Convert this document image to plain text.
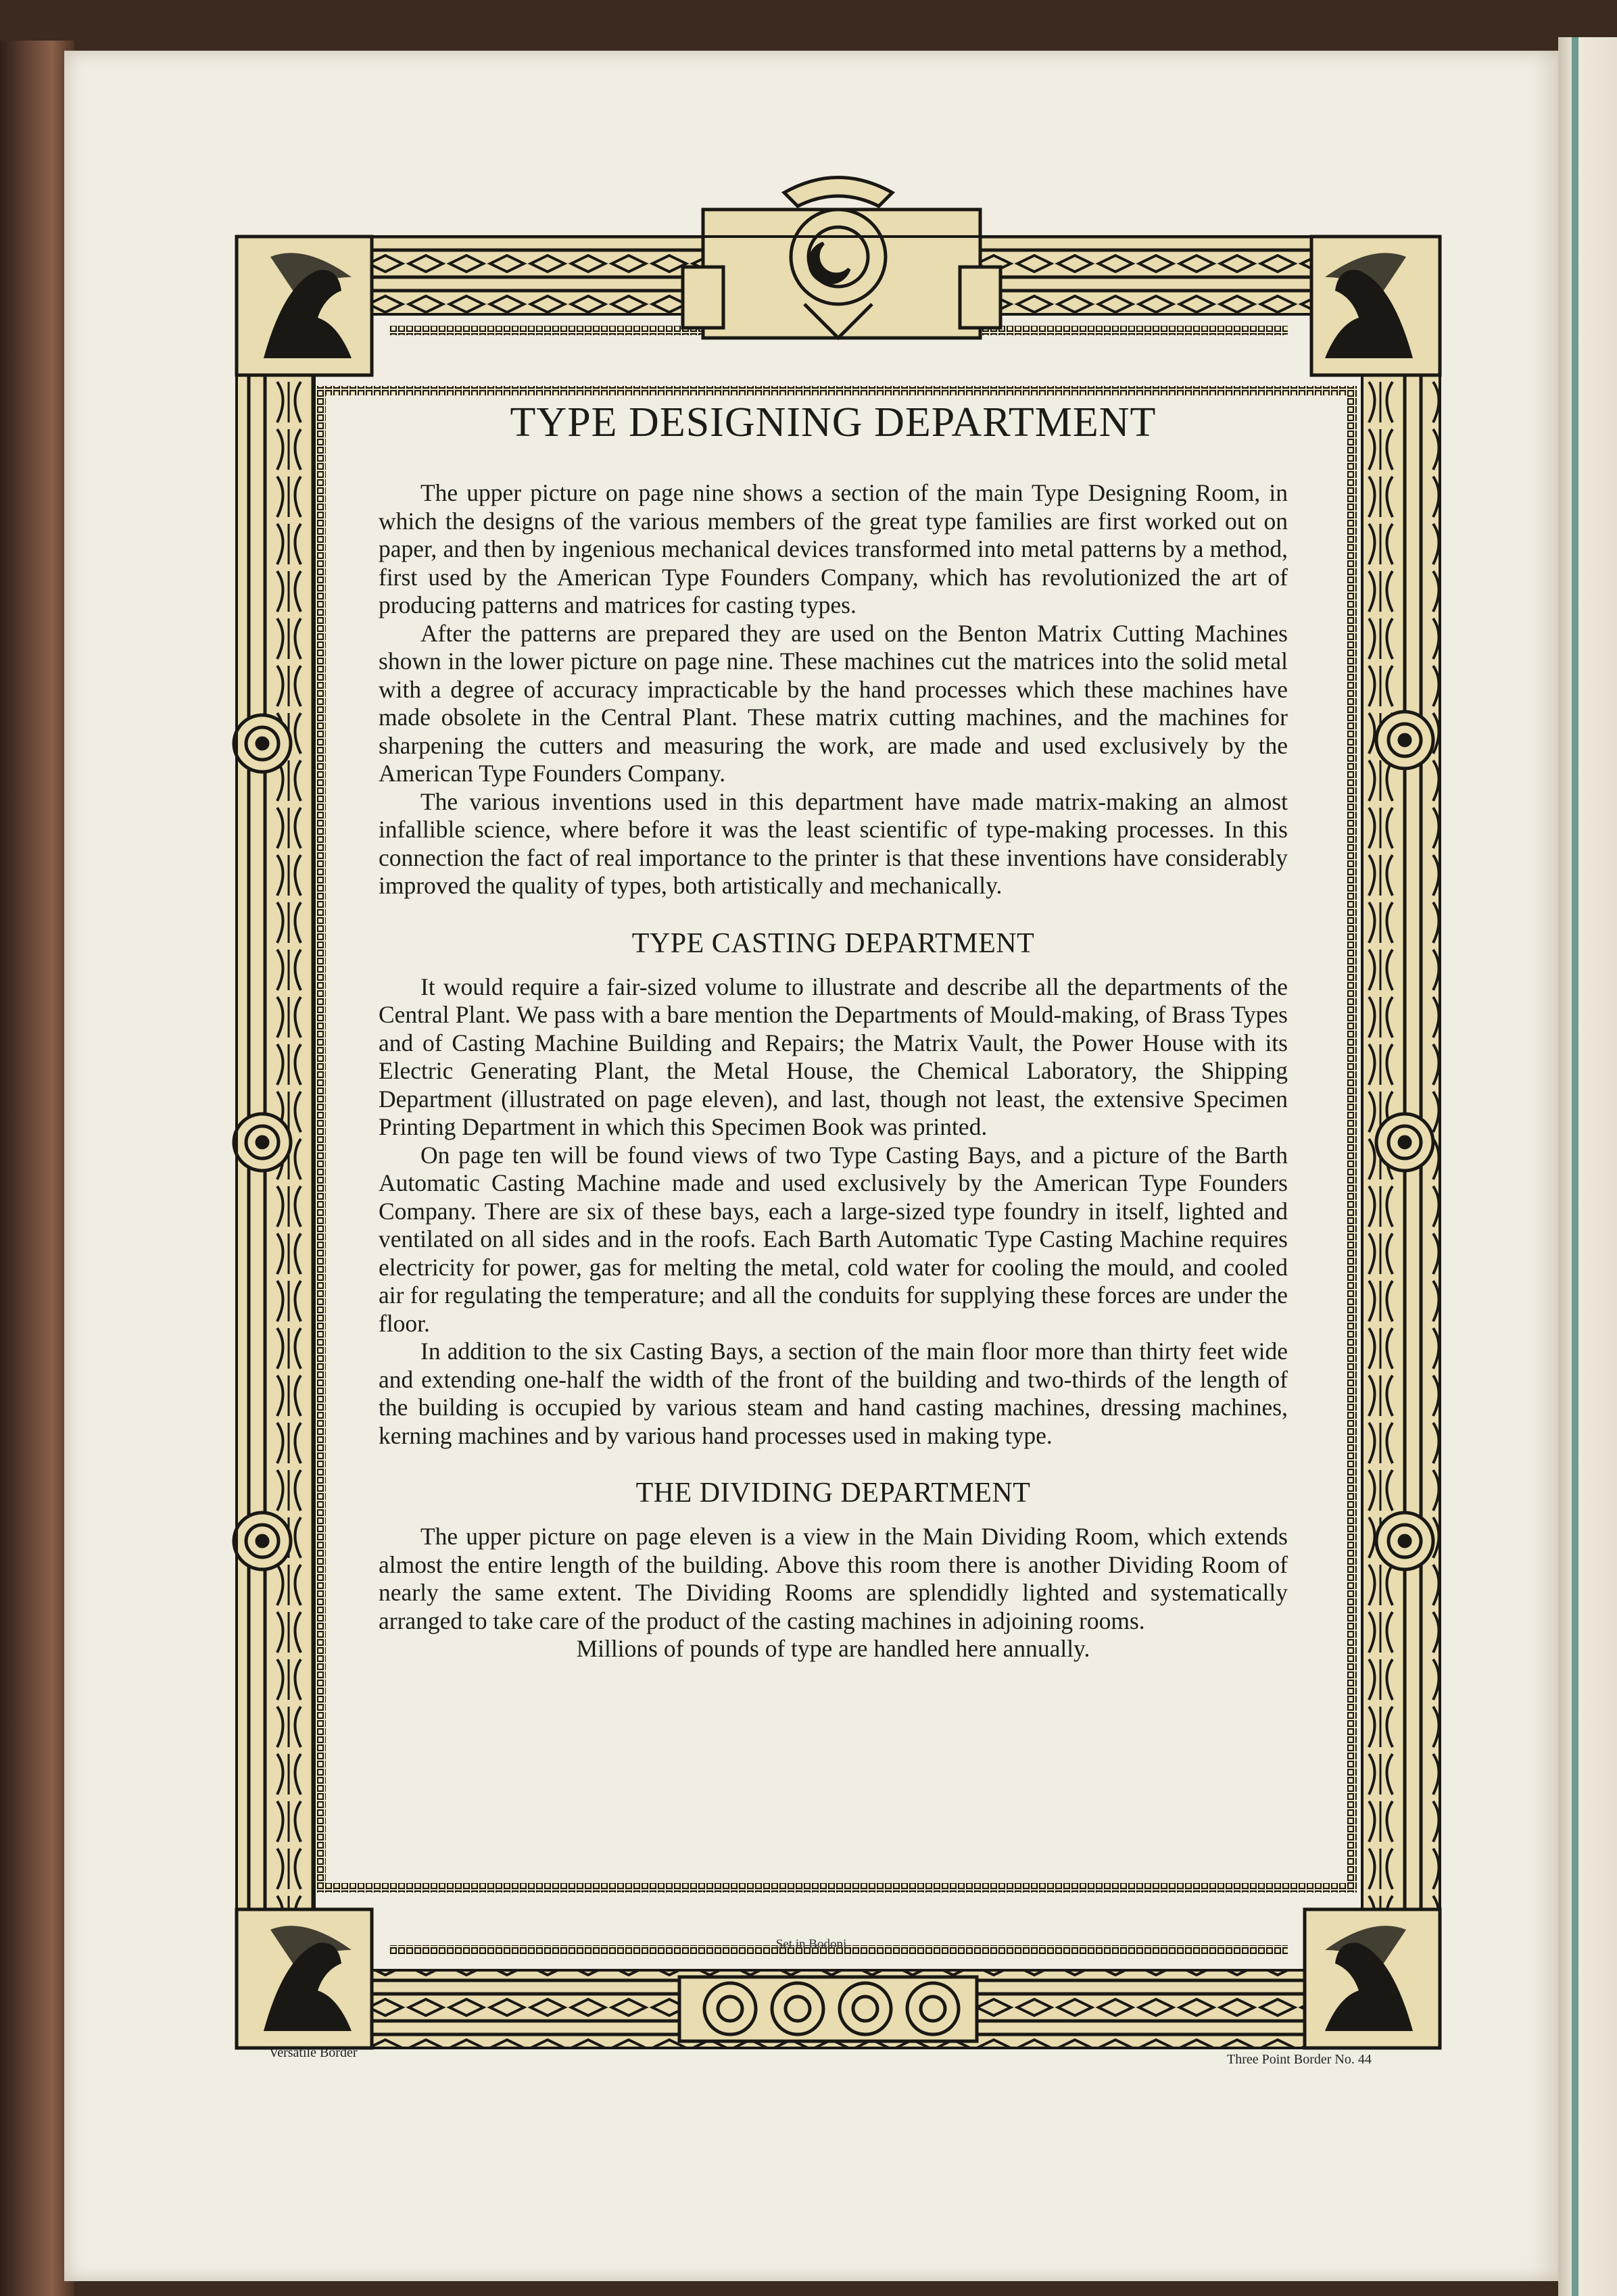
TYPE DESIGNING DEPARTMENT

The upper picture on page nine shows a section of the main Type Designing Room, in which the designs of the various members of the great type families are first worked out on paper, and then by ingenious mechanical devices transformed into metal patterns by a method, first used by the American Type Founders Company, which has revolutionized the art of producing patterns and matrices for casting types.

After the patterns are prepared they are used on the Benton Matrix Cutting Machines shown in the lower picture on page nine. These machines cut the matrices into the solid metal with a degree of accuracy impracticable by the hand processes which these machines have made obsolete in the Central Plant. These matrix cutting machines, and the machines for sharpening the cutters and measuring the work, are made and used exclusively by the American Type Founders Company.

The various inventions used in this department have made matrix-making an almost infallible science, where before it was the least scientific of type-making processes. In this connection the fact of real importance to the printer is that these inventions have considerably improved the quality of types, both artistically and mechanically.

TYPE CASTING DEPARTMENT

It would require a fair-sized volume to illustrate and describe all the departments of the Central Plant. We pass with a bare mention the Departments of Mould-making, of Brass Types and of Casting Machine Building and Repairs; the Matrix Vault, the Power House with its Electric Generating Plant, the Metal House, the Chemical Laboratory, the Shipping Department (illustrated on page eleven), and last, though not least, the extensive Specimen Printing Department in which this Specimen Book was printed.

On page ten will be found views of two Type Casting Bays, and a picture of the Barth Automatic Casting Machine made and used exclusively by the American Type Founders Company. There are six of these bays, each a large-sized type foundry in itself, lighted and ventilated on all sides and in the roofs. Each Barth Automatic Type Casting Machine requires electricity for power, gas for melting the metal, cold water for cooling the mould, and cooled air for regulating the temperature; and all the conduits for supplying these forces are under the floor.

In addition to the six Casting Bays, a section of the main floor more than thirty feet wide and extending one-half the width of the front of the building and two-thirds of the length of the building is occupied by various steam and hand casting machines, dressing machines, kerning machines and by various hand processes used in making type.

THE DIVIDING DEPARTMENT

The upper picture on page eleven is a view in the Main Dividing Room, which extends almost the entire length of the building. Above this room there is another Dividing Room of nearly the same extent. The Dividing Rooms are splendidly lighted and systematically arranged to take care of the product of the casting machines in adjoining rooms.

Millions of pounds of type are handled here annually.

Set in Bodoni
Versatile Border	Three Point Border No. 44
